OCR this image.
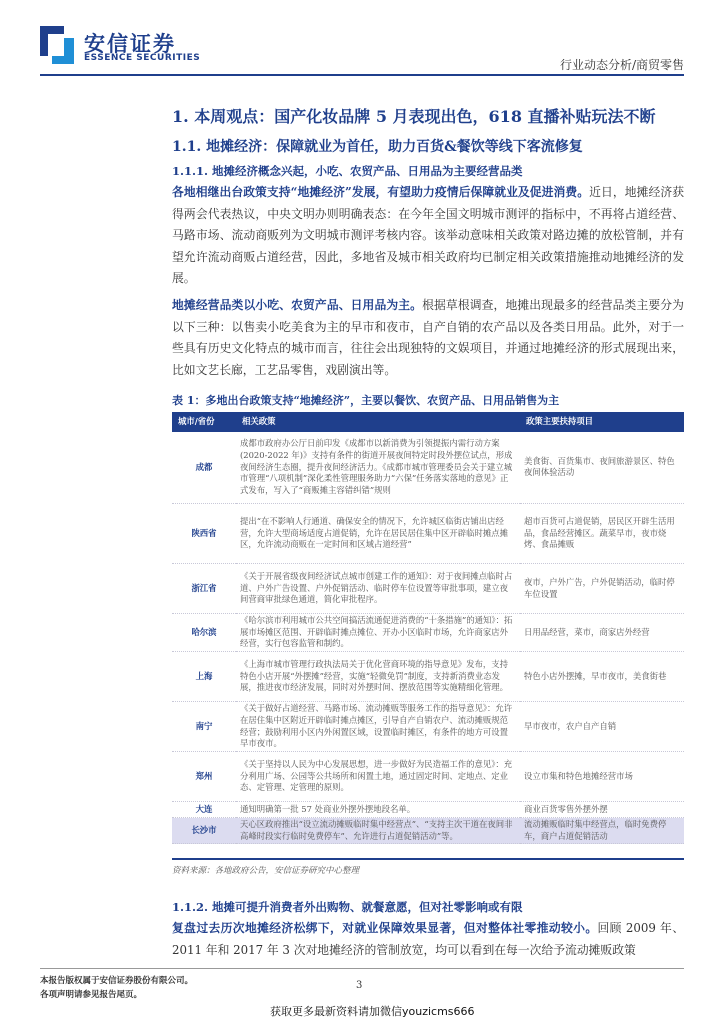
安信证券
ESSENCE SECURITIES	行业动态分析/商贸零售
1. 本周观点：国产化妆品牌 5 月表现出色，618 直播补贴玩法不断
1.1. 地摊经济：保障就业为首任，助力百货&餐饮等线下客流修复
1.1.1. 地摊经济概念兴起，小吃、农贸产品、日用品为主要经营品类
各地相继出台政策支持“地摊经济”发展，有望助力疫情后保障就业及促进消费。近日，地摊经济获得两会代表热议，中央文明办则明确表态：在今年全国文明城市测评的指标中，不再将占道经营、马路市场、流动商贩列为文明城市测评考核内容。该举动意味相关政策对路边摊的放松管制，并有望允许流动商贩占道经营，因此，多地省及城市相关政府均已制定相关政策措施推动地摊经济的发展。
地摊经营品类以小吃、农贸产品、日用品为主。根据草根调查，地摊出现最多的经营品类主要分为以下三种：以售卖小吃美食为主的早市和夜市，自产自销的农产品以及各类日用品。此外，对于一些具有历史文化特点的城市而言，往往会出现独特的文娱项目，并通过地摊经济的形式展现出来，比如文艺长廊，工艺品零售，戏剧演出等。
表 1：多地出台政策支持“地摊经济”，主要以餐饮、农贸产品、日用品销售为主
城市/省份	相关政策	政策主要扶持项目
成都	成都市政府办公厅日前印发《成都市以新消费为引领提振内需行动方案(2020-2022 年)》支持有条件的街道开展夜间特定时段外摆位试点，形成夜间经济生态圈，提升夜间经济活力。《成都市城市管理委员会关于建立城市管理“八项机制”深化柔性管理服务助力“六保”任务落实落地的意见》正式发布，写入了“商贩摊主容错纠错”规则	美食街、百货集市、夜间旅游景区、特色夜间体验活动
陕西省	提出“在不影响人行通道、确保安全的情况下，允许城区临街店铺出店经营，允许大型商场适度占道促销，允许在居民居住集中区开辟临时摊点摊区，允许流动商贩在一定时间和区域占道经营”	超市百货可占道促销，居民区开辟生活用品，食品经营摊区。蔬菜早市，夜市烧烤、食品摊贩
浙江省	《关于开展省级夜间经济试点城市创建工作的通知》：对于夜间摊点临时占道、户外广告设置、户外促销活动、临时停车位设置等审批事项，建立夜间营商审批绿色通道，简化审批程序。	夜市，户外广告，户外促销活动，临时停车位设置
哈尔滨	《哈尔滨市利用城市公共空间搞活流通促进消费的“十条措施”的通知》：拓展市场摊区范围、开辟临时摊点摊位、开办小区临时市场，允许商家店外经营，实行包容监管和制约。	日用品经营，菜市，商家店外经营
上海	《上海市城市管理行政执法局关于优化营商环境的指导意见》发布，支持特色小店开展“外摆摊”经营，实施“轻微免罚”制度，支持新消费业态发展，推进夜市经济发展，同时对外摆时间、摆放范围等实施精细化管理。	特色小店外摆摊，早市夜市，美食街巷
南宁	《关于做好占道经营、马路市场、流动摊贩等服务工作的指导意见》：允许在居住集中区附近开辟临时摊点摊区，引导自产自销农户、流动摊贩规范经营；鼓励利用小区内外闲置区域，设置临时摊区，有条件的地方可设置早市夜市。	早市夜市，农户自产自销
郑州	《关于坚持以人民为中心发展思想，进一步做好为民造福工作的意见》：充分利用广场、公园等公共场所和闲置土地，通过固定时间、定地点、定业态、定管理、定管理的原则。	设立市集和特色地摊经营市场
大连	通知明确第一批 57 处商业外摆外摆地段名单。	商业百货零售外摆外摆
长沙市	天心区政府推出“设立流动摊贩临时集中经营点”、“支持主次干道在夜间非高峰时段实行临时免费停车”、允许进行占道促销活动”等。	流动摊贩临时集中经营点，临时免费停车，商户占道促销活动
资料来源：各地政府公告，安信证券研究中心整理
1.1.2. 地摊可提升消费者外出购物、就餐意愿，但对社零影响或有限
复盘过去历次地摊经济松绑下，对就业保障效果显著，但对整体社零推动较小。回顾 2009 年、2011 年和 2017 年 3 次对地摊经济的管制放宽，均可以看到在每一次给予流动摊贩政策
本报告版权属于安信证券股份有限公司。
各项声明请参见报告尾页。
3
获取更多最新资料请加微信youzicms666
